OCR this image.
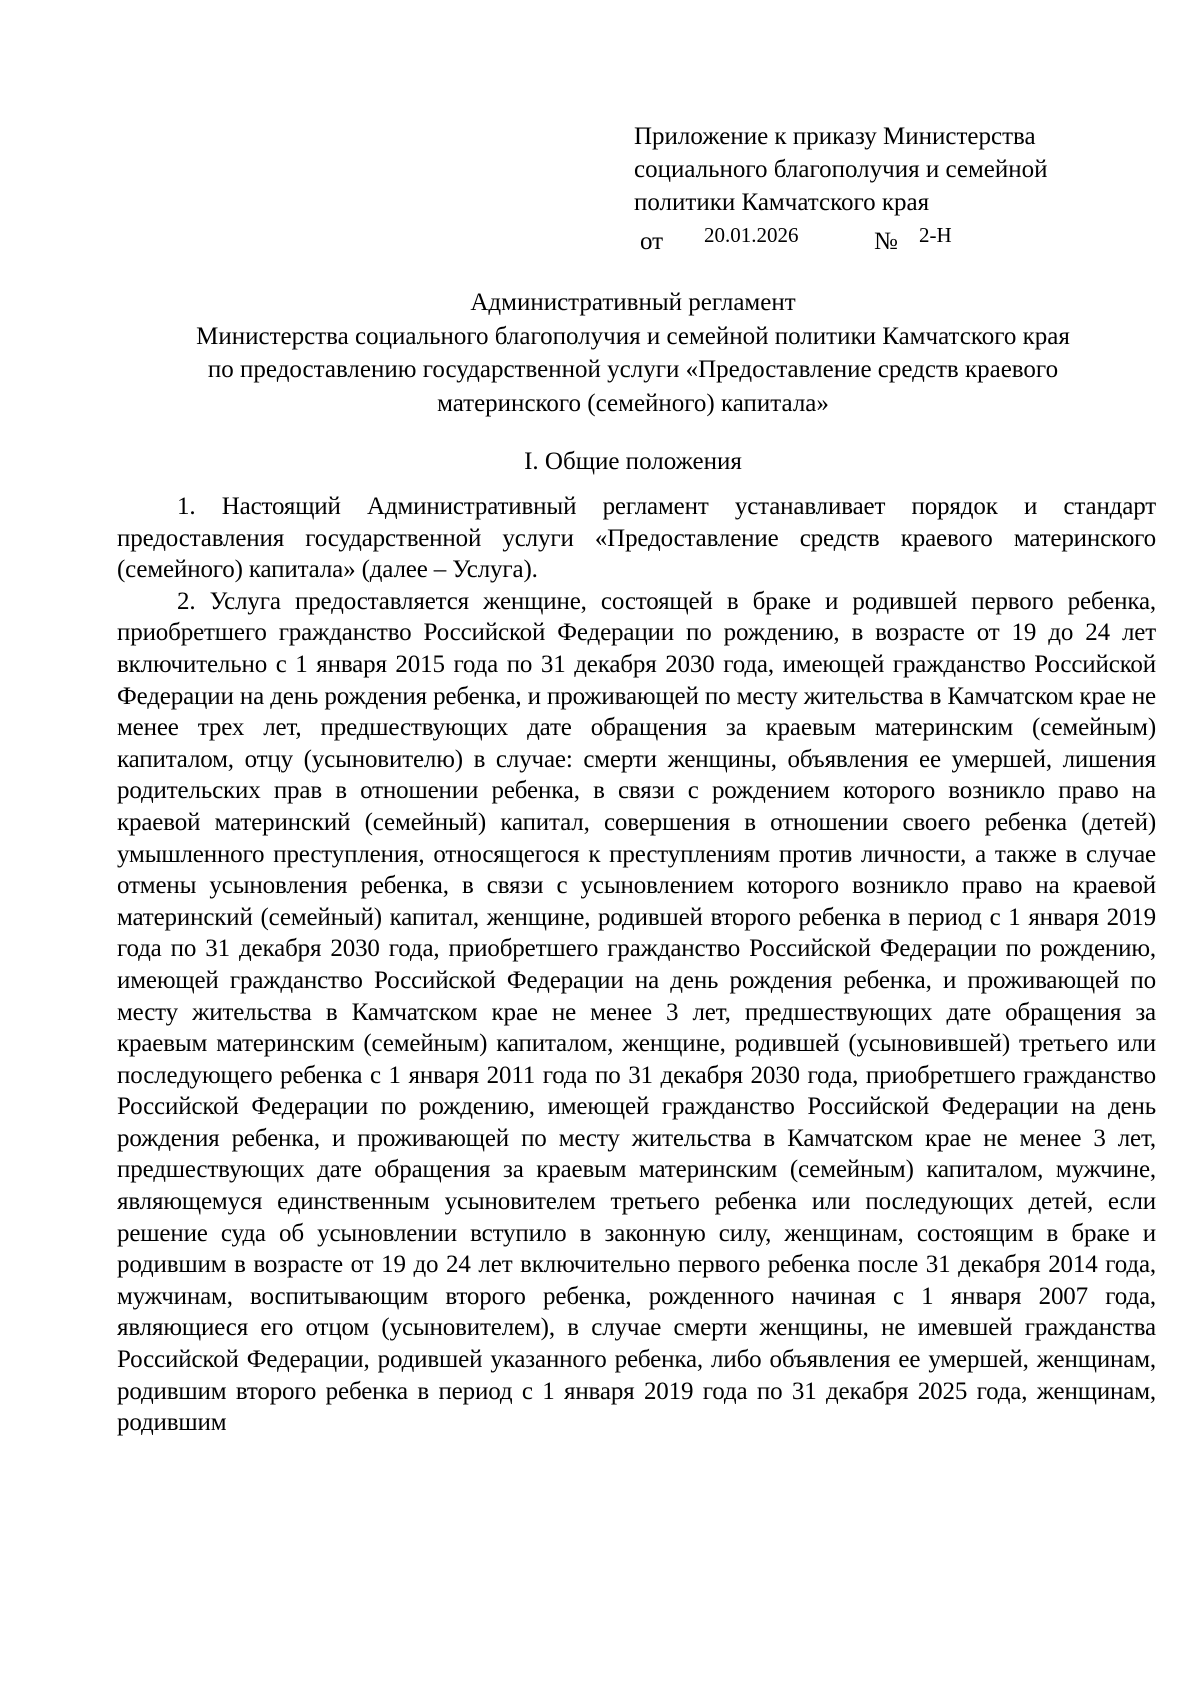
Приложение к приказу Министерства
социального благополучия и семейной
политики Камчатского края
от 20.01.2026	№ 2-Н
Административный регламент
Министерства социального благополучия и семейной политики Камчатского края
по предоставлению государственной услуги «Предоставление средств краевого
материнского (семейного) капитала»
I. Общие положения

1. Настоящий Административный регламент устанавливает порядок и стандарт предоставления государственной услуги «Предоставление средств краевого материнского (семейного) капитала» (далее – Услуга).

2. Услуга предоставляется женщине, состоящей в браке и родившей первого ребенка, приобретшего гражданство Российской Федерации по рождению, в возрасте от 19 до 24 лет включительно с 1 января 2015 года по 31 декабря 2030 года, имеющей гражданство Российской Федерации на день рождения ребенка, и проживающей по месту жительства в Камчатском крае не менее трех лет, предшествующих дате обращения за краевым материнским (семейным) капиталом, отцу (усыновителю) в случае: смерти женщины, объявления ее умершей, лишения родительских прав в отношении ребенка, в связи с рождением которого возникло право на краевой материнский (семейный) капитал, совершения в отношении своего ребенка (детей) умышленного преступления, относящегося к преступлениям против личности, а также в случае отмены усыновления ребенка, в связи с усыновлением которого возникло право на краевой материнский (семейный) капитал, женщине, родившей второго ребенка в период с 1 января 2019 года по 31 декабря 2030 года, приобретшего гражданство Российской Федерации по рождению, имеющей гражданство Российской Федерации на день рождения ребенка, и проживающей по месту жительства в Камчатском крае не менее 3 лет, предшествующих дате обращения за краевым материнским (семейным) капиталом, женщине, родившей (усыновившей) третьего или последующего ребенка с 1 января 2011 года по 31 декабря 2030 года, приобретшего гражданство Российской Федерации по рождению, имеющей гражданство Российской Федерации на день рождения ребенка, и проживающей по месту жительства в Камчатском крае не менее 3 лет, предшествующих дате обращения за краевым материнским (семейным) капиталом, мужчине, являющемуся единственным усыновителем третьего ребенка или последующих детей, если решение суда об усыновлении вступило в законную силу, женщинам, состоящим в браке и родившим в возрасте от 19 до 24 лет включительно первого ребенка после 31 декабря 2014 года, мужчинам, воспитывающим второго ребенка, рожденного начиная с 1 января 2007 года, являющиеся его отцом (усыновителем), в случае смерти женщины, не имевшей гражданства Российской Федерации, родившей указанного ребенка, либо объявления ее умершей, женщинам, родившим второго ребенка в период с 1 января 2019 года по 31 декабря 2025 года, женщинам, родившим
